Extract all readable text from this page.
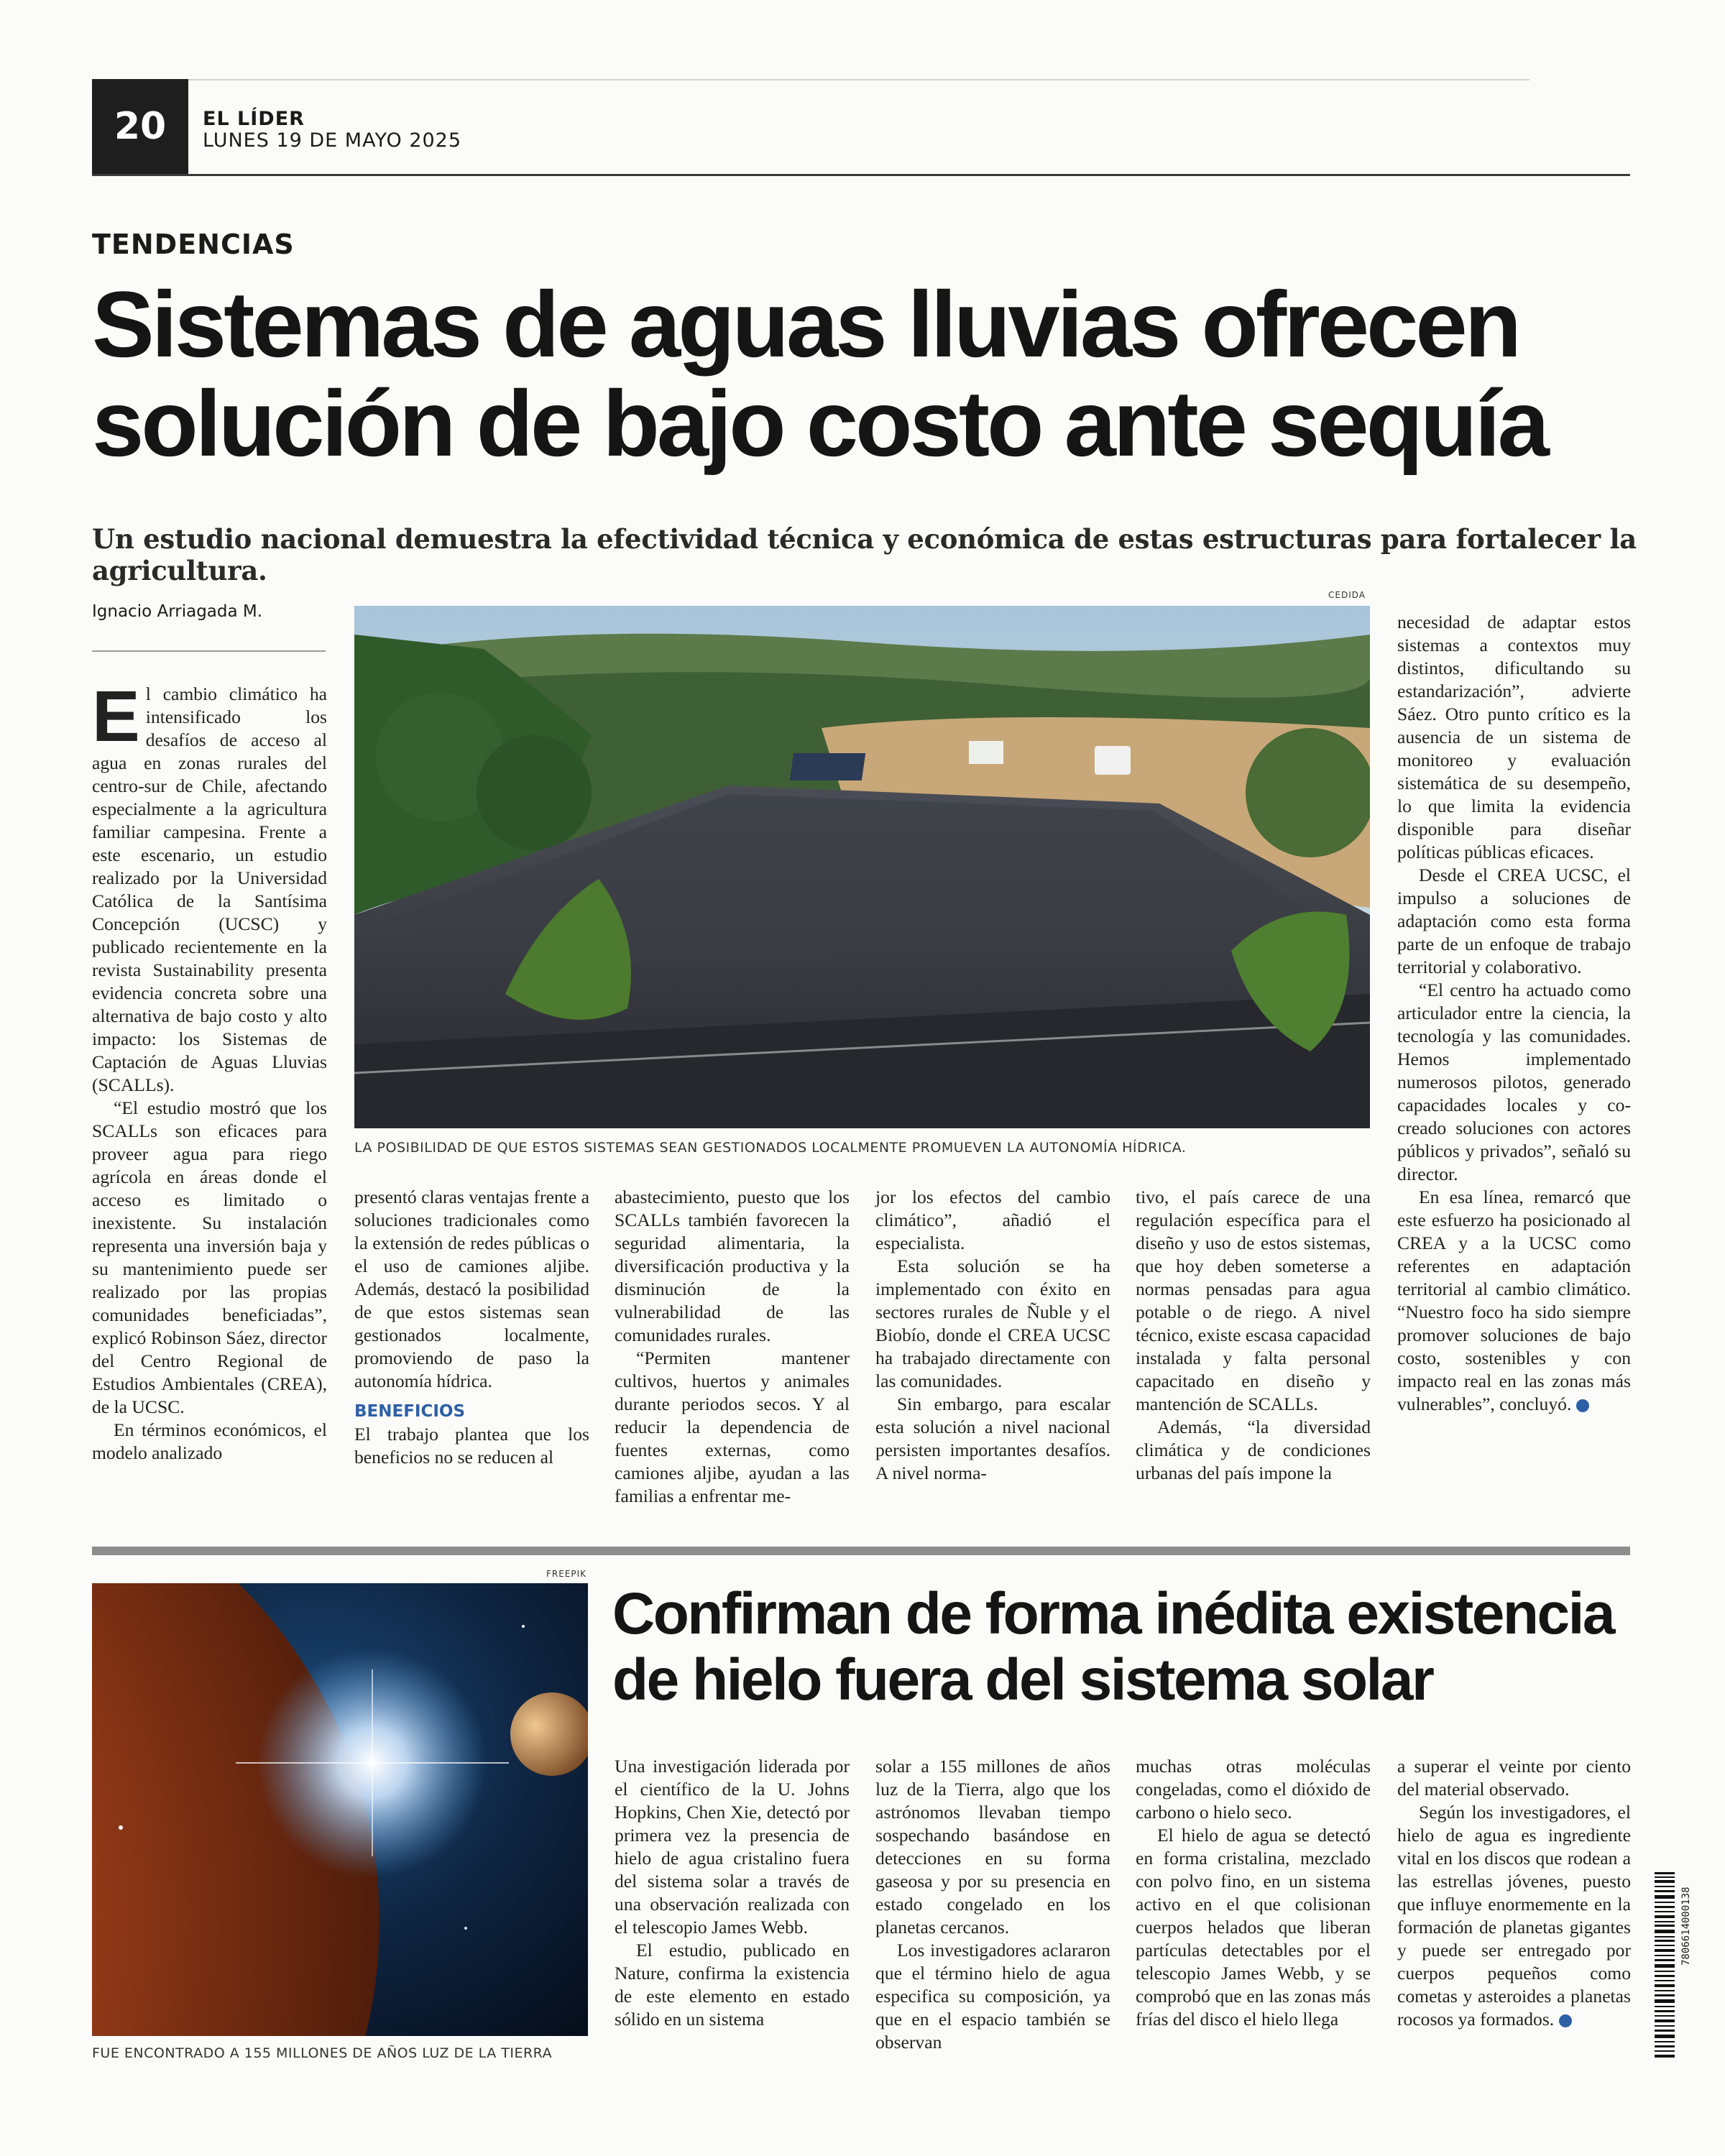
20	EL LÍDER
LUNES 19 DE MAYO 2025
TENDENCIAS
Sistemas de aguas lluvias ofrecen
solución de bajo costo ante sequía
Un estudio nacional demuestra la efectividad técnica y económica de estas estructuras para fortalecer la agricultura.
Ignacio Arriagada M.
CEDIDA
LA POSIBILIDAD DE QUE ESTOS SISTEMAS SEAN GESTIONADOS LOCALMENTE PROMUEVEN LA AUTONOMÍA HÍDRICA.

El cambio climático ha intensificado los desafíos de acceso al agua en zonas rurales del centro-sur de Chile, afectando especialmente a la agricultura familiar campesina. Frente a este escenario, un estudio realizado por la Universidad Católica de la Santísima Concepción (UCSC) y publicado recientemente en la revista Sustainability presenta evidencia concreta sobre una alternativa de bajo costo y alto impacto: los Sistemas de Captación de Aguas Lluvias (SCALLs).

“El estudio mostró que los SCALLs son eficaces para proveer agua para riego agrícola en áreas donde el acceso es limitado o inexistente. Su instalación representa una inversión baja y su mantenimiento puede ser realizado por las propias comunidades beneficiadas”, explicó Robinson Sáez, director del Centro Regional de Estudios Ambientales (CREA), de la UCSC.

En términos económicos, el modelo analizado

presentó claras ventajas frente a soluciones tradicionales como la extensión de redes públicas o el uso de camiones aljibe. Además, destacó la posibilidad de que estos sistemas sean gestionados localmente, promoviendo de paso la autonomía hídrica.

BENEFICIOS

El trabajo plantea que los beneficios no se reducen al

abastecimiento, puesto que los SCALLs también favorecen la seguridad alimentaria, la diversificación productiva y la disminución de la vulnerabilidad de las comunidades rurales.

“Permiten mantener cultivos, huertos y animales durante periodos secos. Y al reducir la dependencia de fuentes externas, como camiones aljibe, ayudan a las familias a enfrentar me-

jor los efectos del cambio climático”, añadió el especialista.

Esta solución se ha implementado con éxito en sectores rurales de Ñuble y el Biobío, donde el CREA UCSC ha trabajado directamente con las comunidades.

Sin embargo, para escalar esta solución a nivel nacional persisten importantes desafíos. A nivel norma-

tivo, el país carece de una regulación específica para el diseño y uso de estos sistemas, que hoy deben someterse a normas pensadas para agua potable o de riego. A nivel técnico, existe escasa capacidad instalada y falta personal capacitado en diseño y mantención de SCALLs.

Además, “la diversidad climática y de condiciones urbanas del país impone la

necesidad de adaptar estos sistemas a contextos muy distintos, dificultando su estandarización”, advierte Sáez. Otro punto crítico es la ausencia de un sistema de monitoreo y evaluación sistemática de su desempeño, lo que limita la evidencia disponible para diseñar políticas públicas eficaces.

Desde el CREA UCSC, el impulso a soluciones de adaptación como esta forma parte de un enfoque de trabajo territorial y colaborativo.

“El centro ha actuado como articulador entre la ciencia, la tecnología y las comunidades. Hemos implementado numerosos pilotos, generado capacidades locales y co-creado soluciones con actores públicos y privados”, señaló su director.

En esa línea, remarcó que este esfuerzo ha posicionado al CREA y a la UCSC como referentes en adaptación territorial al cambio climático. “Nuestro foco ha sido siempre promover soluciones de bajo costo, sostenibles y con impacto real en las zonas más vulnerables”, concluyó.	+

FREEPIK
FUE ENCONTRADO A 155 MILLONES DE AÑOS LUZ DE LA TIERRA
Confirman de forma inédita existencia
de hielo fuera del sistema solar

Una investigación liderada por el científico de la U. Johns Hopkins, Chen Xie, detectó por primera vez la presencia de hielo de agua cristalino fuera del sistema solar a través de una observación realizada con el telescopio James Webb.

El estudio, publicado en Nature, confirma la existencia de este elemento en estado sólido en un sistema

solar a 155 millones de años luz de la Tierra, algo que los astrónomos llevaban tiempo sospechando basándose en detecciones en su forma gaseosa y por su presencia en estado congelado en los planetas cercanos.

Los investigadores aclararon que el término hielo de agua especifica su composición, ya que en el espacio también se observan

muchas otras moléculas congeladas, como el dióxido de carbono o hielo seco.

El hielo de agua se detectó en forma cristalina, mezclado con polvo fino, en un sistema activo en el que colisionan cuerpos helados que liberan partículas detectables por el telescopio James Webb, y se comprobó que en las zonas más frías del disco el hielo llega

a superar el veinte por ciento del material observado.

Según los investigadores, el hielo de agua es ingrediente vital en los discos que rodean a las estrellas jóvenes, puesto que influye enormemente en la formación de planetas gigantes y puede ser entregado por cuerpos pequeños como cometas y asteroides a planetas rocosos ya formados.	+

7806614000138
